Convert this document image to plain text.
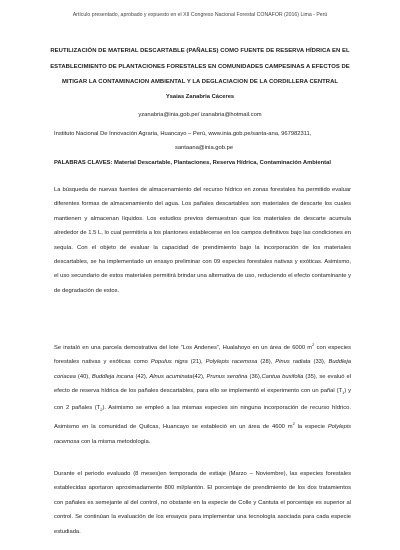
Artículo presentado, aprobado y expuesto en el XII Congreso Nacional Forestal CONAFOR (2016) Lima - Perú
REUTILIZACIÓN DE MATERIAL DESCARTABLE (PAÑALES) COMO FUENTE DE RESERVA HÍDRICA EN EL ESTABLECIMIENTO DE PLANTACIONES FORESTALES EN COMUNIDADES CAMPESINAS A EFECTOS DE MITIGAR LA CONTAMINACION AMBIENTAL Y LA DEGLACIACION DE LA CORDILLERA CENTRAL
Ysaias Zanabria Cáceres
yzanabria@inia.gob.pe/ izanabria@hotmail.com
Instituto Nacional De Innovación Agraria, Huancayo – Perú, www.inia.gob.pe/santa-ana, 967982311,
santaana@inia.gob.pe
PALABRAS CLAVES: Material Descartable, Plantaciones, Reserva Hídrica, Contaminación Ambiental
La búsqueda de nuevas fuentes de almacenamiento del recurso hídrico en zonas forestales ha permitido evaluar diferentes formas de almacenamiento del agua. Los pañales descartables son materiales de descarte los cuales mantienen y almacenan líquidos. Los estudios previos demuestran que los materiales de descarte acumula alrededor de 1.5 L, lo cual permitiría a los plantones establecerse en los campos definitivos bajo las condiciones en sequía. Con el objeto de evaluar la capacidad de prendimiento bajo la incorporación de los materiales descartables, se ha implementado un ensayo preliminar con 09 especies forestales nativas y exóticas. Asimismo, el uso secundario de estos materiales permitirá brindar una alternativa de uso, reduciendo el efecto contaminante y de degradación de estos.
Se instaló en una parcela demostrativa del lote “Los Andenes”, Hualahoyo en un área de 6000 $m^2$ con especies forestales nativas y exóticas como Populus nigra (21), Polylepis racemosa (28), Pinus radiata (33), Buddleja coriacea (40), Buddleja incana (42), Alnus acuminata(42), Prunus serotina (36),Cantua buxifolia (35), se evaluó el efecto de reserva hídrica de los pañales descartables, para ello se implementó el experimento con un pañal $(T_1)$ y con 2 pañales $(T_2)$. Asimismo se empleó a las mismas especies sin ninguna incorporación de recurso hídrico. Asimismo en la comunidad de Quilcas, Huancayo se estableció en un área de 4600 $m^2$ la especie Polylepis racemosa con la misma metodología.
Durante el periodo evaluado (8 meses)en temporada de estiaje (Marzo – Noviembre), las especies forestales establecidas aportaron aproximadamente 800 ml/plantón. El porcentaje de prendimiento de los dos tratamientos con pañales es semejante al del control, no obstante en la especie de Colle y Cantuta el porcentaje es superior al control. Se continúan la evaluación de los ensayos para implementar una tecnología asociada para cada especie estudiada.
